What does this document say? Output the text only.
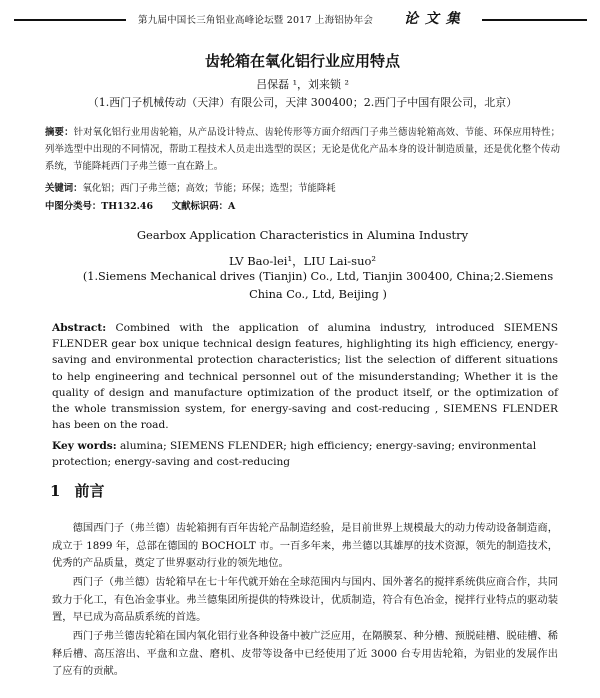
第九届中国长三角铝业高峰论坛暨 2017 上海铝协年会 论 文 集
齿轮箱在氧化铝行业应用特点
吕保磊 ¹，刘来锁 ²
（1.西门子机械传动（天津）有限公司，天津 300400；2.西门子中国有限公司，北京）
摘要：针对氧化铝行业用齿轮箱，从产品设计特点、齿轮传形等方面介绍西门子弗兰德齿轮箱高效、节能、环保应用特性；列举选型中出现的不同情况，帮助工程技术人员走出选型的误区；无论是优化产品本身的设计制造质量，还是优化整个传动系统，节能降耗西门子弗兰德一直在路上。
关键词：氧化铝；西门子弗兰德；高效；节能；环保；选型；节能降耗
中图分类号：TH132.46　　文献标识码：A
Gearbox Application Characteristics in Alumina Industry
LV Bao-lei¹，LIU Lai-suo²
(1.Siemens Mechanical drives (Tianjin) Co., Ltd, Tianjin 300400, China;2.Siemens China Co., Ltd, Beijing )
Abstract: Combined with the application of alumina industry, introduced SIEMENS FLENDER gear box unique technical design features, highlighting its high efficiency, energy-saving and environmental protection characteristics; list the selection of different situations to help engineering and technical personnel out of the misunderstanding; Whether it is the quality of design and manufacture optimization of the product itself, or the optimization of the whole transmission system, for energy-saving and cost-reducing , SIEMENS FLENDER has been on the road.
Key words: alumina; SIEMENS FLENDER; high efficiency; energy-saving; environmental protection; energy-saving and cost-reducing
1 前言
德国西门子（弗兰德）齿轮箱拥有百年齿轮产品制造经验，是目前世界上规模最大的动力传动设备制造商，成立于 1899 年，总部在德国的 BOCHOLT 市。一百多年来，弗兰德以其雄厚的技术资源，领先的制造技术，优秀的产品质量，奠定了世界驱动行业的领先地位。
西门子（弗兰德）齿轮箱早在七十年代就开始在全球范围内与国内、国外著名的搅拌系统供应商合作，共同致力于化工，有色冶金事业。弗兰德集团所提供的特殊设计，优质制造，符合有色冶金，搅拌行业特点的驱动装置，早已成为高品质系统的首选。
西门子弗兰德齿轮箱在国内氧化铝行业各种设备中被广泛应用，在隔膜泵、种分槽、预脱硅槽、脱硅槽、稀释后槽、高压溶出、平盘和立盘、磨机、皮带等设备中已经使用了近 3000 台专用齿轮箱，为铝业的发展作出了应有的贡献。
